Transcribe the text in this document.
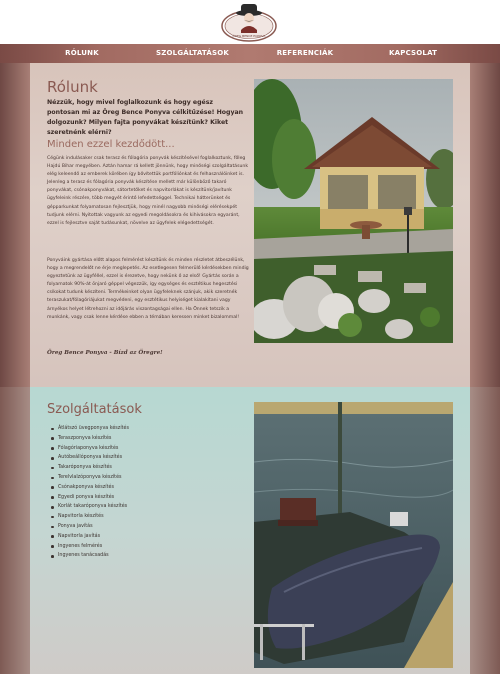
ÖREG BENCE PONYVA
RÓLUNK	SZOLGÁLTATÁSOK	REFERENCIÁK	KAPCSOLAT
Rólunk
Nézzük, hogy mivel foglalkozunk és hogy egész pontosan mi az Öreg Bence Ponyva célkitűzése! Hogyan dolgozunk? Milyen fajta ponyvákat készítünk? Kiket szeretnénk elérni?
Minden ezzel kezdődött...
Cégünk indulásaker csak terasz és fólagória ponyvák készítésével foglalkoztunk, főleg Hajdú Bihar megyében. Aztán hamar rá kellett jönnünk, hogy minőségi szolgáltatásunk elég keleendő az emberek körében így bővítettük portfóliónkat és felhasználóinket is. Jelenleg a terasz és fólagória ponyvák készítése mellett már különböző takaró ponyvákat, csónakponyvákat, sátortetőket és napvitorlákat is készítünk/javítunk ügyfeleink részére, több megyét érintő lefedettséggel. Technikai hátterünket és gépparkunkat folyamatosan fejlesztjük, hogy minél nagyobb minőségi elérésekpét tudjunk elérni. Nyitottak vagyunk az egyedi megoldásokra és kihívásokra egyaránt, ezzel is fejlesztve saját tudásunkat, növelve az ügyfelek elégedettségét.
Ponyváink gyártása előtt alapos felmérést készítünk és minden részletet átbeszélünk, hogy a megrendelőt ne érje meglepetés. Az esetlegesen felmerülő kérdésekben mindig egyeztetünk az ügyféllel, ezzel is érezetve, hogy nekünk ő az első! Gyártás során a folyamatok 90%-át önjaró géppel végezzük, így egységes és esztétikus hegesztési csíkokat tudunk készíteni. Termékeinket olyan ügyfeleknek szánjuk, akik szeretnék teraszukat/fólagóriájukat megvédeni, egy esztétikus helyiséget kialakítani vagy árnyékos helyet létrehozni az időjárás viszontagságai ellen. Ha Önnek tetszik a munkánk, vagy csak lenne kérdése ebben a témában keressen minket bizalommal!
Öreg Bence Ponyva - Bízd az Öregre!
Szolgáltatások
Átlátszó üvegponyva készítés
Teraszponyva készítés
Fólagóriaponyva készítés
Autóbeállóponyva készítés
Takaróponyva készítés
Terelvlalzóponyva készítés
Csónakponyva készítés
Egyedi ponyva készítés
Korlát takaróponyva készítés
Napvitorla készítés
Ponyva javítás
Napvitorla javítás
Ingyenes felmérés
Ingyenes tanácsadás
